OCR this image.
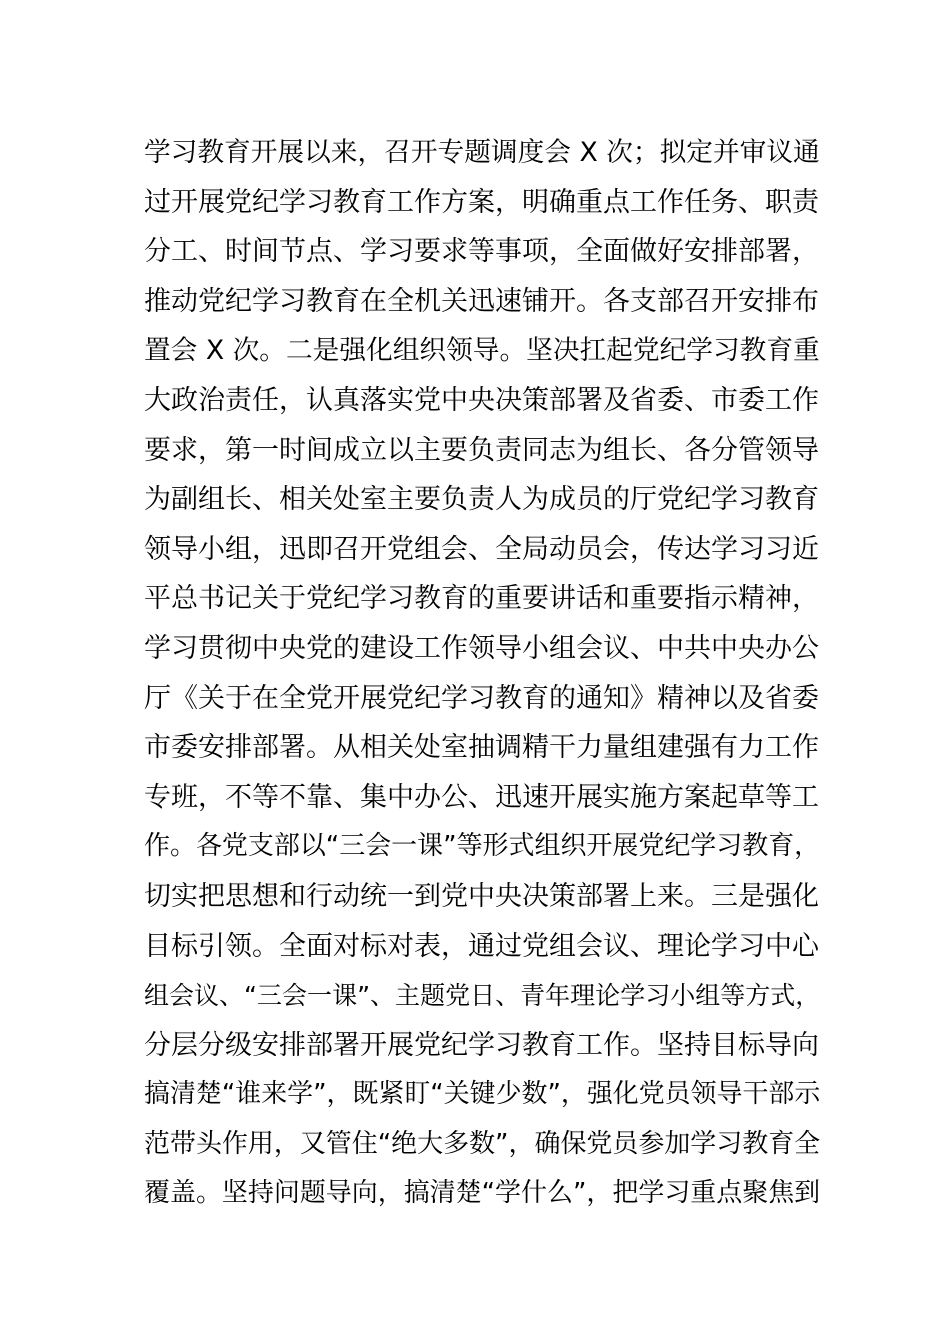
学习教育开展以来，召开专题调度会 X 次；拟定并审议通
过开展党纪学习教育工作方案，明确重点工作任务、职责
分工、时间节点、学习要求等事项，全面做好安排部署，
推动党纪学习教育在全机关迅速铺开。各支部召开安排布
置会 X 次。二是强化组织领导。坚决扛起党纪学习教育重
大政治责任，认真落实党中央决策部署及省委、市委工作
要求，第一时间成立以主要负责同志为组长、各分管领导
为副组长、相关处室主要负责人为成员的厅党纪学习教育
领导小组，迅即召开党组会、全局动员会，传达学习习近
平总书记关于党纪学习教育的重要讲话和重要指示精神，
学习贯彻中央党的建设工作领导小组会议、中共中央办公
厅《关于在全党开展党纪学习教育的通知》精神以及省委
市委安排部署。从相关处室抽调精干力量组建强有力工作
专班，不等不靠、集中办公、迅速开展实施方案起草等工
作。各党支部以“三会一课”等形式组织开展党纪学习教育，
切实把思想和行动统一到党中央决策部署上来。三是强化
目标引领。全面对标对表，通过党组会议、理论学习中心
组会议、“三会一课”、主题党日、青年理论学习小组等方式，
分层分级安排部署开展党纪学习教育工作。坚持目标导向
搞清楚“谁来学”，既紧盯“关键少数”，强化党员领导干部示
范带头作用，又管住“绝大多数”，确保党员参加学习教育全
覆盖。坚持问题导向，搞清楚“学什么”，把学习重点聚焦到
